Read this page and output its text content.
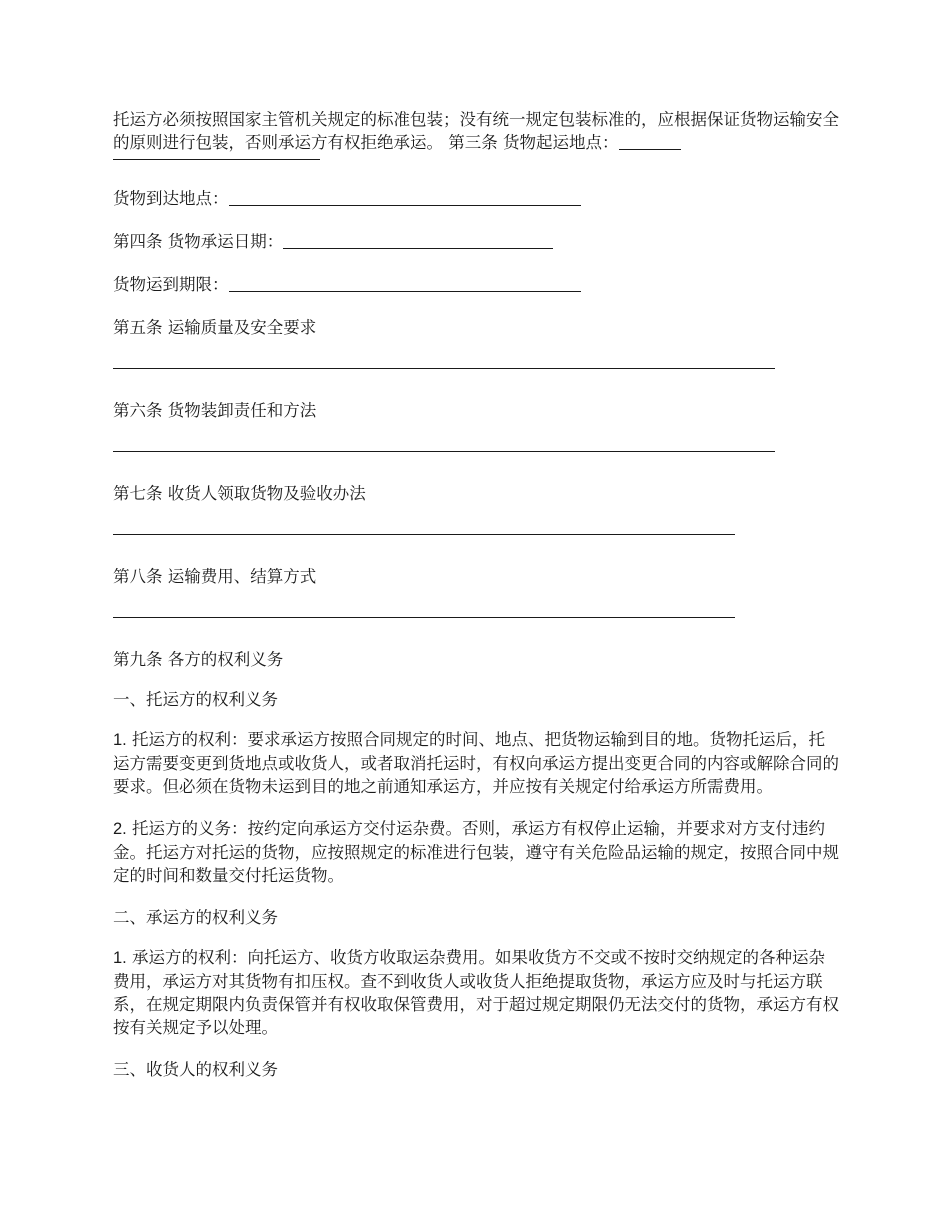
托运方必须按照国家主管机关规定的标准包装；没有统一规定包装标准的，应根据保证货物运输安全的原则进行包装，否则承运方有权拒绝承运。 第三条 货物起运地点：

货物到达地点：

第四条 货物承运日期：

货物运到期限：

第五条 运输质量及安全要求

第六条 货物装卸责任和方法

第七条 收货人领取货物及验收办法

第八条 运输费用、结算方式

第九条 各方的权利义务

一、托运方的权利义务

1. 托运方的权利：要求承运方按照合同规定的时间、地点、把货物运输到目的地。货物托运后，托运方需要变更到货地点或收货人，或者取消托运时，有权向承运方提出变更合同的内容或解除合同的要求。但必须在货物未运到目的地之前通知承运方，并应按有关规定付给承运方所需费用。

2. 托运方的义务：按约定向承运方交付运杂费。否则，承运方有权停止运输，并要求对方支付违约金。托运方对托运的货物，应按照规定的标准进行包装，遵守有关危险品运输的规定，按照合同中规定的时间和数量交付托运货物。

二、承运方的权利义务

1. 承运方的权利：向托运方、收货方收取运杂费用。如果收货方不交或不按时交纳规定的各种运杂费用，承运方对其货物有扣压权。查不到收货人或收货人拒绝提取货物，承运方应及时与托运方联系，在规定期限内负责保管并有权收取保管费用，对于超过规定期限仍无法交付的货物，承运方有权按有关规定予以处理。

三、收货人的权利义务
